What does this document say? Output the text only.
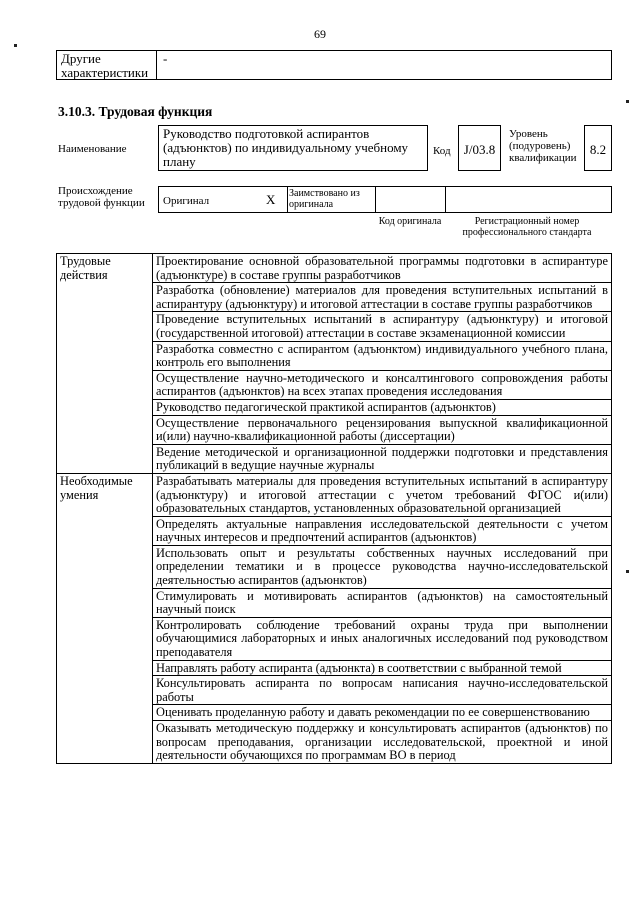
69
Другие характеристики
-
3.10.3. Трудовая функция
Наименование
Руководство подготовкой аспирантов (адъюнктов) по индивидуальному учебному плану
Код	J/03.8
Уровень (подуровень) квалификации
8.2
Происхождение трудовой функции	Оригинал	X Заимствовано из оригинала
Код оригинала	Регистрационный номер профессионального стандарта
Трудовые действия	Проектирование основной образовательной программы подготовки в аспирантуре (адъюнктуре) в составе группы разработчиков
	Разработка (обновление) материалов для проведения вступительных испытаний в аспирантуру (адъюнктуру) и итоговой аттестации в составе группы разработчиков
	Проведение вступительных испытаний в аспирантуру (адъюнктуру) и итоговой (государственной итоговой) аттестации в составе экзаменационной комиссии
	Разработка совместно с аспирантом (адъюнктом) индивидуального учебного плана, контроль его выполнения
	Осуществление научно-методического и консалтингового сопровождения работы аспирантов (адъюнктов) на всех этапах проведения исследования
	Руководство педагогической практикой аспирантов (адъюнктов)
	Осуществление первоначального рецензирования выпускной квалификационной и(или) научно-квалификационной работы (диссертации)
	Ведение методической и организационной поддержки подготовки и представления публикаций в ведущие научные журналы
Необходимые умения	Разрабатывать материалы для проведения вступительных испытаний в аспирантуру (адъюнктуру) и итоговой аттестации с учетом требований ФГОС и(или) образовательных стандартов, установленных образовательной организацией
	Определять актуальные направления исследовательской деятельности с учетом научных интересов и предпочтений аспирантов (адъюнктов)
	Использовать опыт и результаты собственных научных исследований при определении тематики и в процессе руководства научно-исследовательской деятельностью аспирантов (адъюнктов)
	Стимулировать и мотивировать аспирантов (адъюнктов) на самостоятельный научный поиск
	Контролировать соблюдение требований охраны труда при выполнении обучающимися лабораторных и иных аналогичных исследований под руководством преподавателя
	Направлять работу аспиранта (адъюнкта) в соответствии с выбранной темой
	Консультировать аспиранта по вопросам написания научно-исследовательской работы
	Оценивать проделанную работу и давать рекомендации по ее совершенствованию
	Оказывать методическую поддержку и консультировать аспирантов (адъюнктов) по вопросам преподавания, организации исследовательской, проектной и иной деятельности обучающихся по программам ВО в период
